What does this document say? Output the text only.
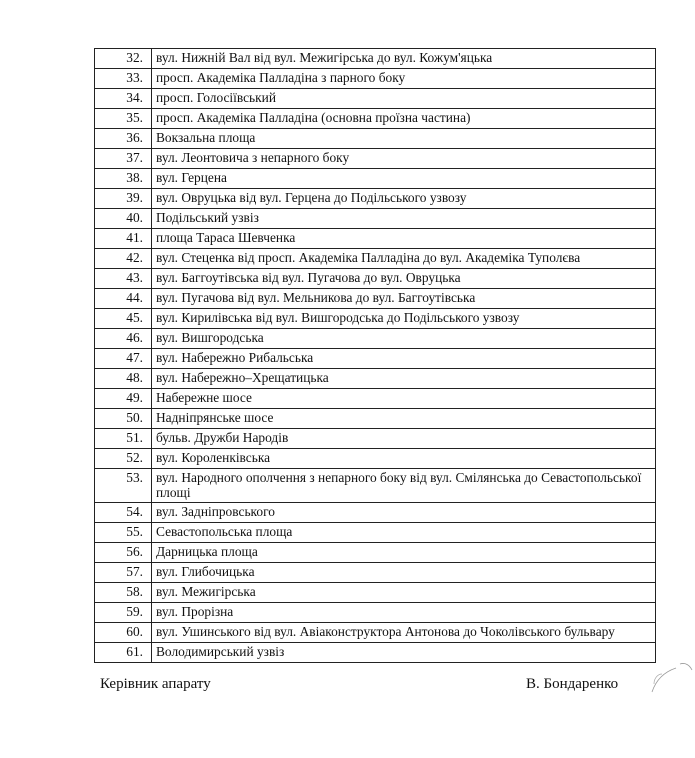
32.	вул. Нижній Вал від вул. Межигірська до вул. Кожум'яцька
33.	просп. Академіка Палладіна з парного боку
34.	просп. Голосіївський
35.	просп. Академіка Палладіна (основна проїзна частина)
36.	Вокзальна площа
37.	вул. Леонтовича з непарного боку
38.	вул. Герцена
39.	вул. Овруцька від вул. Герцена до Подільського узвозу
40.	Подільський узвіз
41.	площа Тараса Шевченка
42.	вул. Стеценка від просп. Академіка Палладіна до вул. Академіка Туполєва
43.	вул. Баггоутівська від вул. Пугачова до вул. Овруцька
44.	вул. Пугачова від вул. Мельникова до вул. Баггоутівська
45.	вул. Кирилівська від вул. Вишгородська до Подільського узвозу
46.	вул. Вишгородська
47.	вул. Набережно Рибальська
48.	вул. Набережно–Хрещатицька
49.	Набережне шосе
50.	Надніпрянське шосе
51.	бульв. Дружби Народів
52.	вул. Короленківська
53.	вул. Народного ополчення з непарного боку від вул. Смілянська до Севастопольської площі
54.	вул. Задніпровського
55.	Севастопольська площа
56.	Дарницька площа
57.	вул. Глибочицька
58.	вул. Межигірська
59.	вул. Прорізна
60.	вул. Ушинського від вул. Авіаконструктора Антонова до Чоколівського бульвару
61.	Володимирський узвіз
Керівник апарату	В. Бондаренко
